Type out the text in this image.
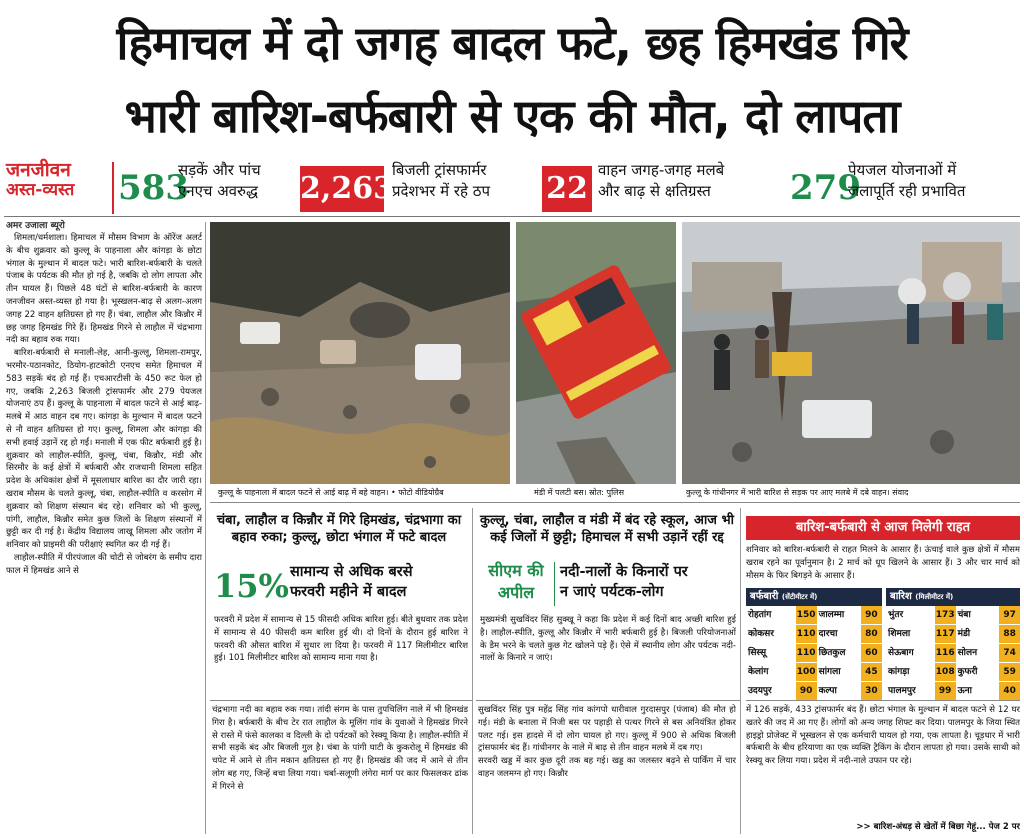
हिमाचल में दो जगह बादल फटे, छह हिमखंड गिरे
भारी बारिश-बर्फबारी से एक की मौत, दो लापता
जनजीवन
अस्त-व्यस्त	583
सड़कें और पांच
एनएच अवरुद्ध	2,263
बिजली ट्रांसफार्मर
प्रदेशभर में रहे ठप	22
वाहन जगह-जगह मलबे
और बाढ़ से क्षतिग्रस्त	279
पेयजल योजनाओं में
जलापूर्ति रही प्रभावित
अमर उजाला ब्यूरो

शिमला/धर्मशाला। हिमाचल में मौसम विभाग के ऑरेंज अलर्ट के बीच शुक्रवार को कुल्लू के पाहनाला और कांगड़ा के छोटा भंगाल के मुल्थान में बादल फटे। भारी बारिश-बर्फबारी के चलते पंजाब के पर्यटक की मौत हो गई है, जबकि दो लोग लापता और तीन घायल हैं। पिछले 48 घंटों से बारिश-बर्फबारी के कारण जनजीवन अस्त-व्यस्त हो गया है। भूस्खलन-बाढ़ से अलग-अलग जगह 22 वाहन क्षतिग्रस्त हो गए हैं। चंबा, लाहौल और किन्नौर में छह जगह हिमखंड गिरे हैं। हिमखंड गिरने से लाहौल में चंद्रभागा नदी का बहाव रुक गया।

बारिश-बर्फबारी से मनाली-लेह, आनी-कुल्लू, शिमला-रामपुर, भरमौर-पठानकोट, ठियोग-हाटकोटी एनएच समेत हिमाचल में 583 सड़कें बंद हो गई हैं। एचआरटीसी के 450 रूट फेल हो गए, जबकि 2,263 बिजली ट्रांसफार्मर और 279 पेयजल योजनाएं ठप हैं। कुल्लू के पाहनाला में बादल फटने से आई बाढ़-मलबे में आठ वाहन दब गए। कांगड़ा के मुल्थान में बादल फटने से नौ वाहन क्षतिग्रस्त हो गए। कुल्लू, शिमला और कांगड़ा की सभी हवाई उड़ानें रद्द हो गईं। मनाली में एक फीट बर्फबारी हुई है। शुक्रवार को लाहौल-स्पीति, कुल्लू, चंबा, किन्नौर, मंडी और सिरमौर के कई क्षेत्रों में बर्फबारी और राजधानी शिमला सहित प्रदेश के अधिकांश क्षेत्रों में मूसलाधार बारिश का दौर जारी रहा। खराब मौसम के चलते कुल्लू, चंबा, लाहौल-स्पीति व करसोग में शुक्रवार को शिक्षण संस्थान बंद रहे। शनिवार को भी कुल्लू, पांगी, लाहौल, किन्नौर समेत कुछ जिलों के शिक्षण संस्थानों में छुट्टी कर दी गई है। केंद्रीय विद्यालय जाखू शिमला और जतोग में शनिवार को प्राइमरी की परीक्षाएं स्थगित कर दी गई हैं।

लाहौल-स्पीति में पीरपंजाल की चोटी से जोबरंग के समीप दारा फाल में हिमखंड आने से

कुल्लू के पाहनाला में बादल फटने से आई बाढ़ में बहे वाहन। • फोटो वीडियोग्रैब	मंडी में पलटी बस। स्रोत: पुलिस	कुल्लू के गांधीनगर में भारी बारिश से सड़क पर आए मलबे में दबे वाहन। संवाद
चंबा, लाहौल व किन्नौर में गिरे हिमखंड, चंद्रभागा का बहाव रुका; कुल्लू, छोटा भंगाल में फटे बादल
15% सामान्य से अधिक बरसे
फरवरी महीने में बादल
फरवरी में प्रदेश में सामान्य से 15 फीसदी अधिक बारिश हुई। बीते बुधवार तक प्रदेश में सामान्य से 40 फीसदी कम बारिश हुई थी। दो दिनों के दौरान हुई बारिश ने फरवरी की औसत बारिश में सुधार ला दिया है। फरवरी में 117 मिलीमीटर बारिश हुई। 101 मिलीमीटर बारिश को सामान्य माना गया है।
चंद्रभागा नदी का बहाव रुक गया। तांदी संगम के पास तुपचिलिंग नाले में भी हिमखंड गिरा है। बर्फबारी के बीच टेर रात लाहौल के मूलिंग गांव के युवाओं ने हिमखंड गिरने से रास्ते में फंसे कालका व दिल्ली के दो पर्यटकों को रेस्क्यू किया है। लाहौल-स्पीति में सभी सड़कें बंद और बिजली गुल है। चंबा के पांगी घाटी के कुकरोलू में हिमखंड की चपेट में आने से तीन मकान क्षतिग्रस्त हो गए हैं। हिमखंड की जद में आने से तीन लोग बह गए, जिन्हें बचा लिया गया। चर्बा-सलूणी लंगेरा मार्ग पर कार फिसलकर ढांक में गिरने से
कुल्लू, चंबा, लाहौल व मंडी में बंद रहे स्कूल, आज भी कई जिलों में छुट्टी; हिमाचल में सभी उड़ानें रहीं रद्द
सीएम की
अपील
नदी-नालों के किनारों पर
न जाएं पर्यटक-लोग
मुख्यमंत्री सुखविंदर सिंह सुक्खू ने कहा कि प्रदेश में कई दिनों बाद अच्छी बारिश हुई है। लाहौल-स्पीति, कुल्लू और किन्नौर में भारी बर्फबारी हुई है। बिजली परियोजनाओं के डैम भरने के चलते कुछ गेट खोलने पड़े हैं। ऐसे में स्थानीय लोग और पर्यटक नदी-नालों के किनारे न जाएं।
सुखविंदर सिंह पुत्र महेंद्र सिंह गांव कांगपो धारीवाल गुरदासपुर (पंजाब) की मौत हो गई। मंडी के बनाला में निजी बस पर पहाड़ी से पत्थर गिरने से बस अनियंत्रित होकर पलट गई। इस हादसे में दो लोग घायल हो गए। कुल्लू में 900 से अधिक बिजली ट्रांसफार्मर बंद हैं। गांधीनगर के नाले में बाढ़ से तीन वाहन मलबे में दब गए।
सरवरी खड्ड में कार कुछ दूरी तक बह गई। खड्ड का जलस्तर बढ़ने से पार्किंग में चार वाहन जलमग्न हो गए। किन्नौर
बारिश-बर्फबारी से आज मिलेगी राहत
शनिवार को बारिश-बर्फबारी से राहत मिलने के आसार हैं। ऊंचाई वाले कुछ क्षेत्रों में मौसम खराब रहने का पूर्वानुमान है। 2 मार्च को धूप खिलने के आसार हैं। 3 और चार मार्च को मौसम के फिर बिगड़ने के आसार हैं।
बर्फबारी (सेंटीमीटर में)
रोहतांग	150 जालम्मा	90
कोकसर	110 दारचा	80
सिस्सू	110 छितकुल	60
केलांग	100 सांगला	45
उदयपुर	90 कल्पा	30
बारिश (मिलीमीटर में)
भुंतर	173 चंबा	97
शिमला	117 मंडी	88
सेऊबाग	116 सोलन	74
कांगड़ा	108 कुफरी	59
पालमपुर	99 ऊना	40
में 126 सड़कें, 433 ट्रांसफार्मर बंद हैं। छोटा भंगाल के मुल्थान में बादल फटने से 12 घर खतरे की जद में आ गए हैं। लोगों को अन्य जगह शिफ्ट कर दिया। पालमपुर के जिया स्थित हाइड्रो प्रोजेक्ट में भूस्खलन से एक कर्मचारी घायल हो गया, एक लापता है। चूड़धार में भारी बर्फबारी के बीच हरियाणा का एक व्यक्ति ट्रैकिंग के दौरान लापता हो गया। उसके साथी को रेस्क्यू कर लिया गया। प्रदेश में नदी-नाले उफान पर रहे।
>> बारिश-अंधड़ से खेतों में बिछा गेहूं... पेज 2 पर
